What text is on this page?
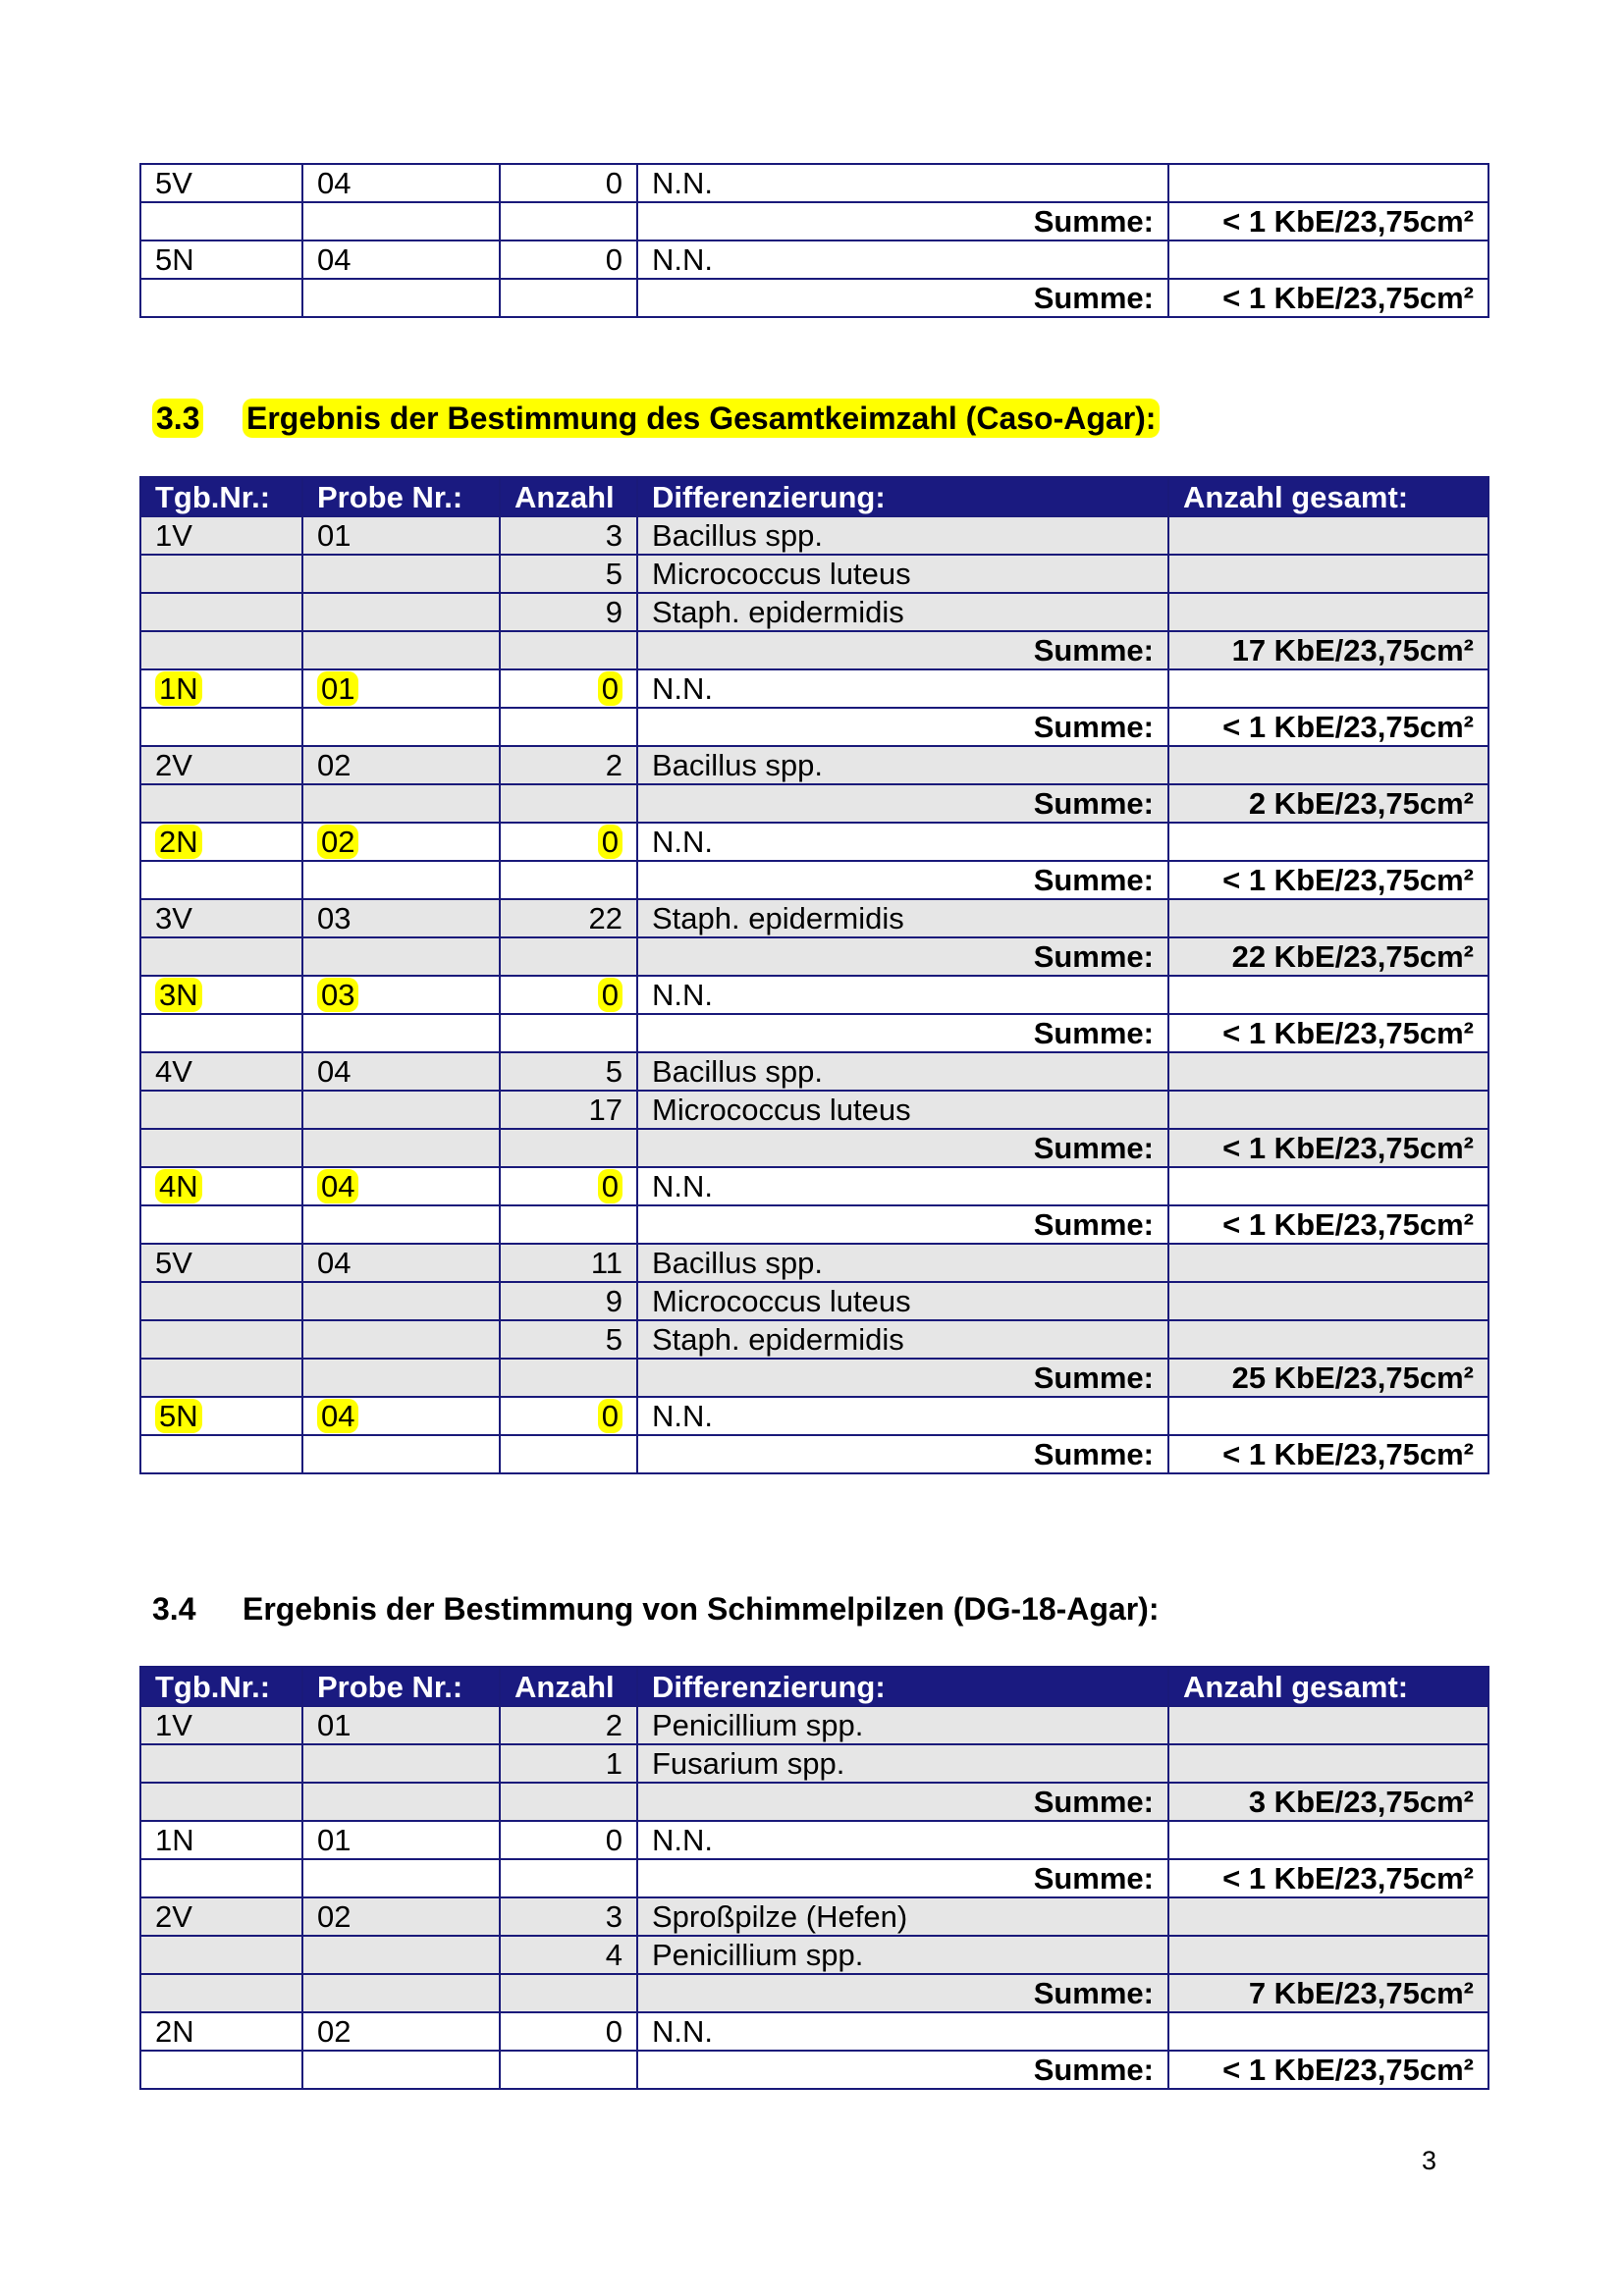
5V	04	0	N.N.	
			Summe:	< 1 KbE/23,75cm²
5N	04	0	N.N.	
			Summe:	< 1 KbE/23,75cm²
3.3 Ergebnis der Bestimmung des Gesamtkeimzahl (Caso-Agar):
Tgb.Nr.:	Probe Nr.:	Anzahl	Differenzierung:	Anzahl gesamt:
1V	01	3	Bacillus spp.	
		5	Micrococcus luteus	
		9	Staph. epidermidis	
			Summe:	17 KbE/23,75cm²
1N	01	0	N.N.	
			Summe:	< 1 KbE/23,75cm²
2V	02	2	Bacillus spp.	
			Summe:	2 KbE/23,75cm²
2N	02	0	N.N.	
			Summe:	< 1 KbE/23,75cm²
3V	03	22	Staph. epidermidis	
			Summe:	22 KbE/23,75cm²
3N	03	0	N.N.	
			Summe:	< 1 KbE/23,75cm²
4V	04	5	Bacillus spp.	
		17	Micrococcus luteus	
			Summe:	< 1 KbE/23,75cm²
4N	04	0	N.N.	
			Summe:	< 1 KbE/23,75cm²
5V	04	11	Bacillus spp.	
		9	Micrococcus luteus	
		5	Staph. epidermidis	
			Summe:	25 KbE/23,75cm²
5N	04	0	N.N.	
			Summe:	< 1 KbE/23,75cm²
3.4 Ergebnis der Bestimmung von Schimmelpilzen (DG-18-Agar):
Tgb.Nr.:	Probe Nr.:	Anzahl	Differenzierung:	Anzahl gesamt:
1V	01	2	Penicillium spp.	
		1	Fusarium spp.	
			Summe:	3 KbE/23,75cm²
1N	01	0	N.N.	
			Summe:	< 1 KbE/23,75cm²
2V	02	3	Sproßpilze (Hefen)	
		4	Penicillium spp.	
			Summe:	7 KbE/23,75cm²
2N	02	0	N.N.	
			Summe:	< 1 KbE/23,75cm²
3
